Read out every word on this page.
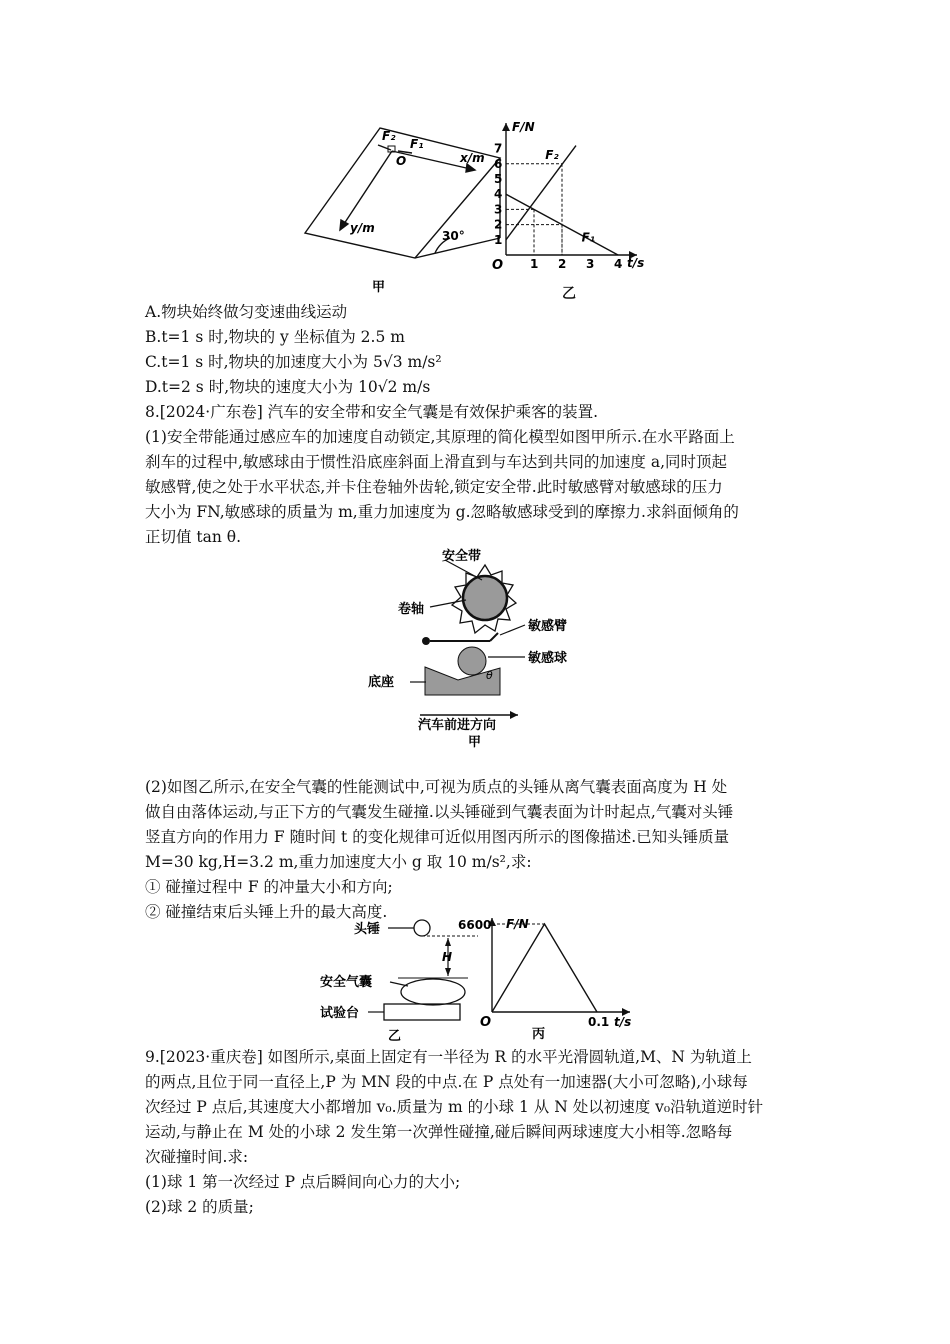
F₂
F₁
O	x/m
y/m
30°
甲
F/N
t/s
O 1 2 3 4
1
2
3
4
5
6
7
F₁
F₂
乙
A.物块始终做匀变速曲线运动
B.t=1 s 时,物块的 y 坐标值为 2.5 m
C.t=1 s 时,物块的加速度大小为 5√3 m/s²
D.t=2 s 时,物块的速度大小为 10√2 m/s
8.[2024·广东卷] 汽车的安全带和安全气囊是有效保护乘客的装置.
(1)安全带能通过感应车的加速度自动锁定,其原理的简化模型如图甲所示.在水平路面上
刹车的过程中,敏感球由于惯性沿底座斜面上滑直到与车达到共同的加速度 a,同时顶起
敏感臂,使之处于水平状态,并卡住卷轴外齿轮,锁定安全带.此时敏感臂对敏感球的压力
大小为 FN,敏感球的质量为 m,重力加速度为 g.忽略敏感球受到的摩擦力.求斜面倾角的
正切值 tan θ.
安全带
卷轴
敏感臂
敏感球
底座	θ
汽车前进方向
甲
(2)如图乙所示,在安全气囊的性能测试中,可视为质点的头锤从离气囊表面高度为 H 处
做自由落体运动,与正下方的气囊发生碰撞.以头锤碰到气囊表面为计时起点,气囊对头锤
竖直方向的作用力 F 随时间 t 的变化规律可近似用图丙所示的图像描述.已知头锤质量
M=30 kg,H=3.2 m,重力加速度大小 g 取 10 m/s²,求:
① 碰撞过程中 F 的冲量大小和方向;
② 碰撞结束后头锤上升的最大高度.
头锤
H
安全气囊
试验台
乙
F/N
t/s
O	0.1
6600
丙
9.[2023·重庆卷] 如图所示,桌面上固定有一半径为 R 的水平光滑圆轨道,M、N 为轨道上
的两点,且位于同一直径上,P 为 MN 段的中点.在 P 点处有一加速器(大小可忽略),小球每
次经过 P 点后,其速度大小都增加 v₀.质量为 m 的小球 1 从 N 处以初速度 v₀沿轨道逆时针
运动,与静止在 M 处的小球 2 发生第一次弹性碰撞,碰后瞬间两球速度大小相等.忽略每
次碰撞时间.求:
(1)球 1 第一次经过 P 点后瞬间向心力的大小;
(2)球 2 的质量;
